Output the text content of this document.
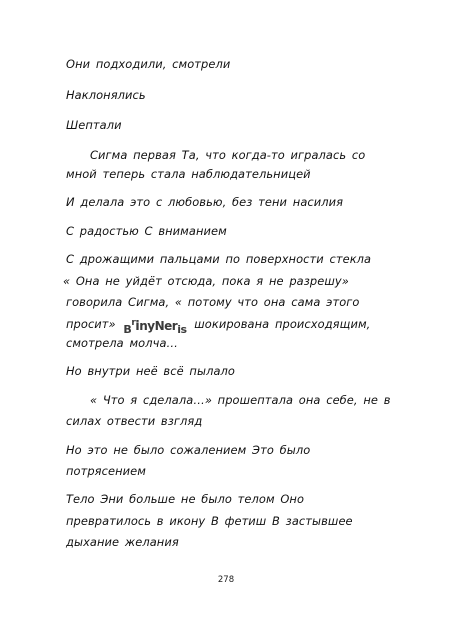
Они подходили, смотрели
Наклонялись
Шептали
Сигма первая Та, что когда-то игралась со
мной теперь стала наблюдательницей
И делала это с любовью, без тени насилия
С радостью С вниманием
С дрожащими пальцами по поверхности стекла
« Она не уйдёт отсюда, пока я не разрешу»
говорила Сигма, « потому что она сама этого
просит» $_B^r$inyNer$_{is}$ шокирована происходящим,
смотрела молча…
Но внутри неё всё пылало
« Что я сделала…» прошептала она себе, не в
силах отвести взгляд
Но это не было сожалением Это было
потрясением
Тело Эни больше не было телом Оно
превратилось в икону В фетиш В застывшее
дыхание желания
278
